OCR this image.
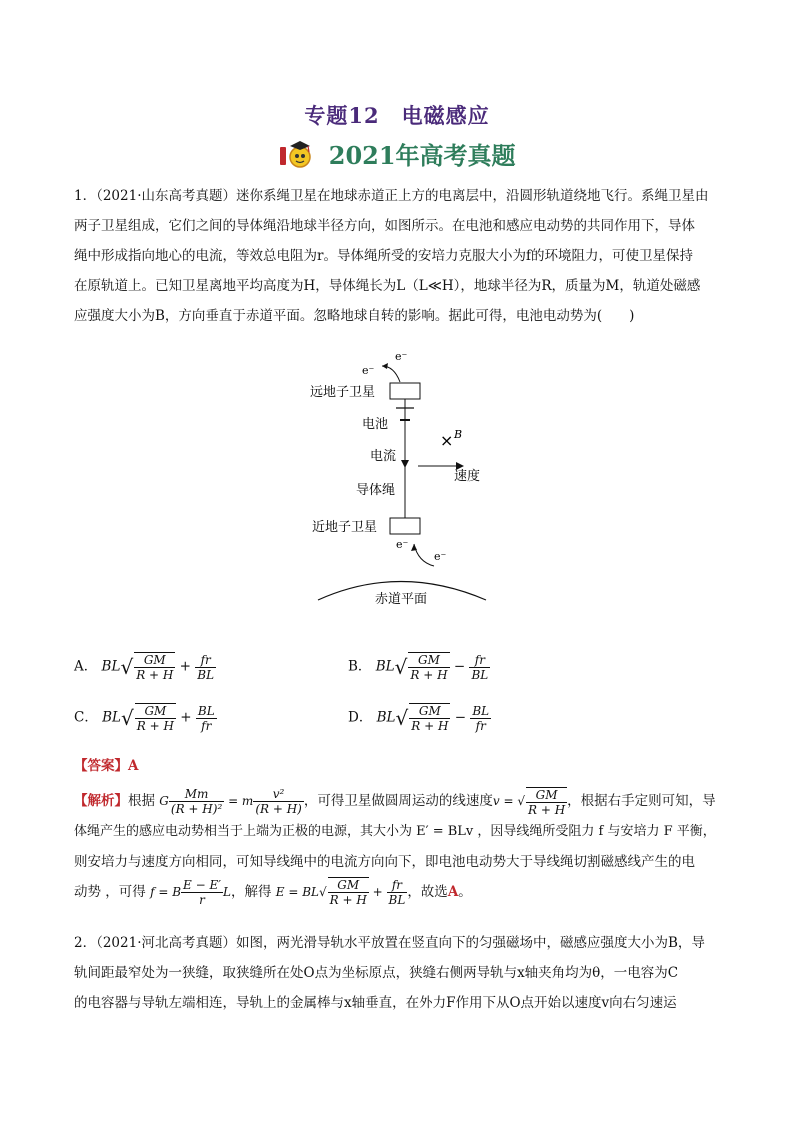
专题12　电磁感应
2021年高考真题
1．（2021·山东高考真题）迷你系绳卫星在地球赤道正上方的电离层中，沿圆形轨道绕地飞行。系绳卫星由
两子卫星组成，它们之间的导体绳沿地球半径方向，如图所示。在电池和感应电动势的共同作用下，导体
绳中形成指向地心的电流，等效总电阻为r。导体绳所受的安培力克服大小为f的环境阻力，可使卫星保持
在原轨道上。已知卫星离地平均高度为H，导体绳长为L（L≪H），地球半径为R，质量为M，轨道处磁感
应强度大小为B，方向垂直于赤道平面。忽略地球自转的影响。据此可得，电池电动势为(　　)
e⁻
e⁻
远地子卫星
电池
电流
导体绳
× B
速度
近地子卫星
e⁻
e⁻
赤道平面
A． $BL√ \frac{GM}{R + H} + \frac{fr}{BL}$	B． $BL√ \frac{GM}{R + H} - \frac{fr}{BL}$
C． $BL√ \frac{GM}{R + H} + \frac{BL}{fr}$	D． $BL√ \frac{GM}{R + H} - \frac{BL}{fr}$
【答案】A
【解析】根据 G $\frac{Mm}{\text{(R + H)²}} = m \frac{\text{v²}}{(R + H)}$ ，可得卫星做圆周运动的线速度v = √ $\frac{GM}{R + H}$ ，根据右手定则可知，导
体绳产生的感应电动势相当于上端为正极的电源，其大小为 E′ = BLv ，因导线绳所受阻力 f 与安培力 F 平衡，
则安培力与速度方向相同，可知导线绳中的电流方向向下，即电池电动势大于导线绳切割磁感线产生的电
动势 ，可得 f = B $\frac{E - E'}{r}$ L，解得 $E = BL√ \frac{GM}{R + H} + \frac{fr}{BL}$ ，故选A。
2．（2021·河北高考真题）如图，两光滑导轨水平放置在竖直向下的匀强磁场中，磁感应强度大小为B，导
轨间距最窄处为一狭缝，取狭缝所在处O点为坐标原点，狭缝右侧两导轨与x轴夹角均为θ，一电容为C
的电容器与导轨左端相连，导轨上的金属棒与x轴垂直，在外力F作用下从O点开始以速度v向右匀速运
